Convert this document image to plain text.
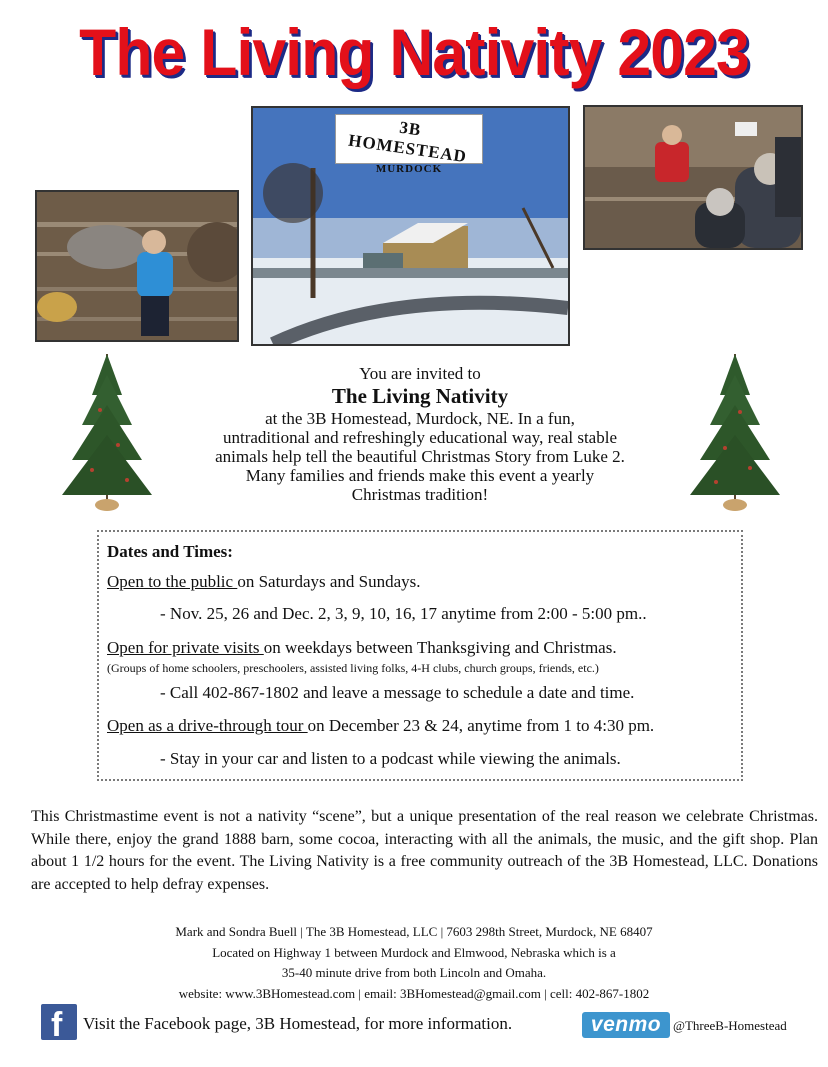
The Living Nativity 2023
3B HOMESTEAD
MURDOCK
You are invited to
The Living Nativity
at the 3B Homestead, Murdock, NE. In a fun,
untraditional and refreshingly educational way, real stable
animals help tell the beautiful Christmas Story from Luke 2.
Many families and friends make this event a yearly
Christmas tradition!
Dates and Times:
Open to the public on Saturdays and Sundays.
- Nov. 25, 26 and Dec. 2, 3, 9, 10, 16, 17 anytime from 2:00 - 5:00 pm..
Open for private visits on weekdays between Thanksgiving and Christmas.
(Groups of home schoolers, preschoolers, assisted living folks, 4-H clubs, church groups, friends, etc.)
- Call 402-867-1802 and leave a message to schedule a date and time.
Open as a drive-through tour on December 23 & 24, anytime from 1 to 4:30 pm.
- Stay in your car and listen to a podcast while viewing the animals.
This Christmastime event is not a nativity “scene”, but a unique presentation of the real reason we celebrate Christmas. While there, enjoy the grand 1888 barn, some cocoa, interacting with all the animals, the music, and the gift shop. Plan about 1 1/2 hours for the event. The Living Nativity is a free community outreach of the 3B Homestead, LLC. Donations are accepted to help defray expenses.
Mark and Sondra Buell | The 3B Homestead, LLC | 7603 298th Street, Murdock, NE 68407
Located on Highway 1 between Murdock and Elmwood, Nebraska which is a
35-40 minute drive from both Lincoln and Omaha.
website: www.3BHomestead.com | email: 3BHomestead@gmail.com | cell: 402-867-1802
f Visit the Facebook page, 3B Homestead, for more information.	venmo @ThreeB-Homestead
